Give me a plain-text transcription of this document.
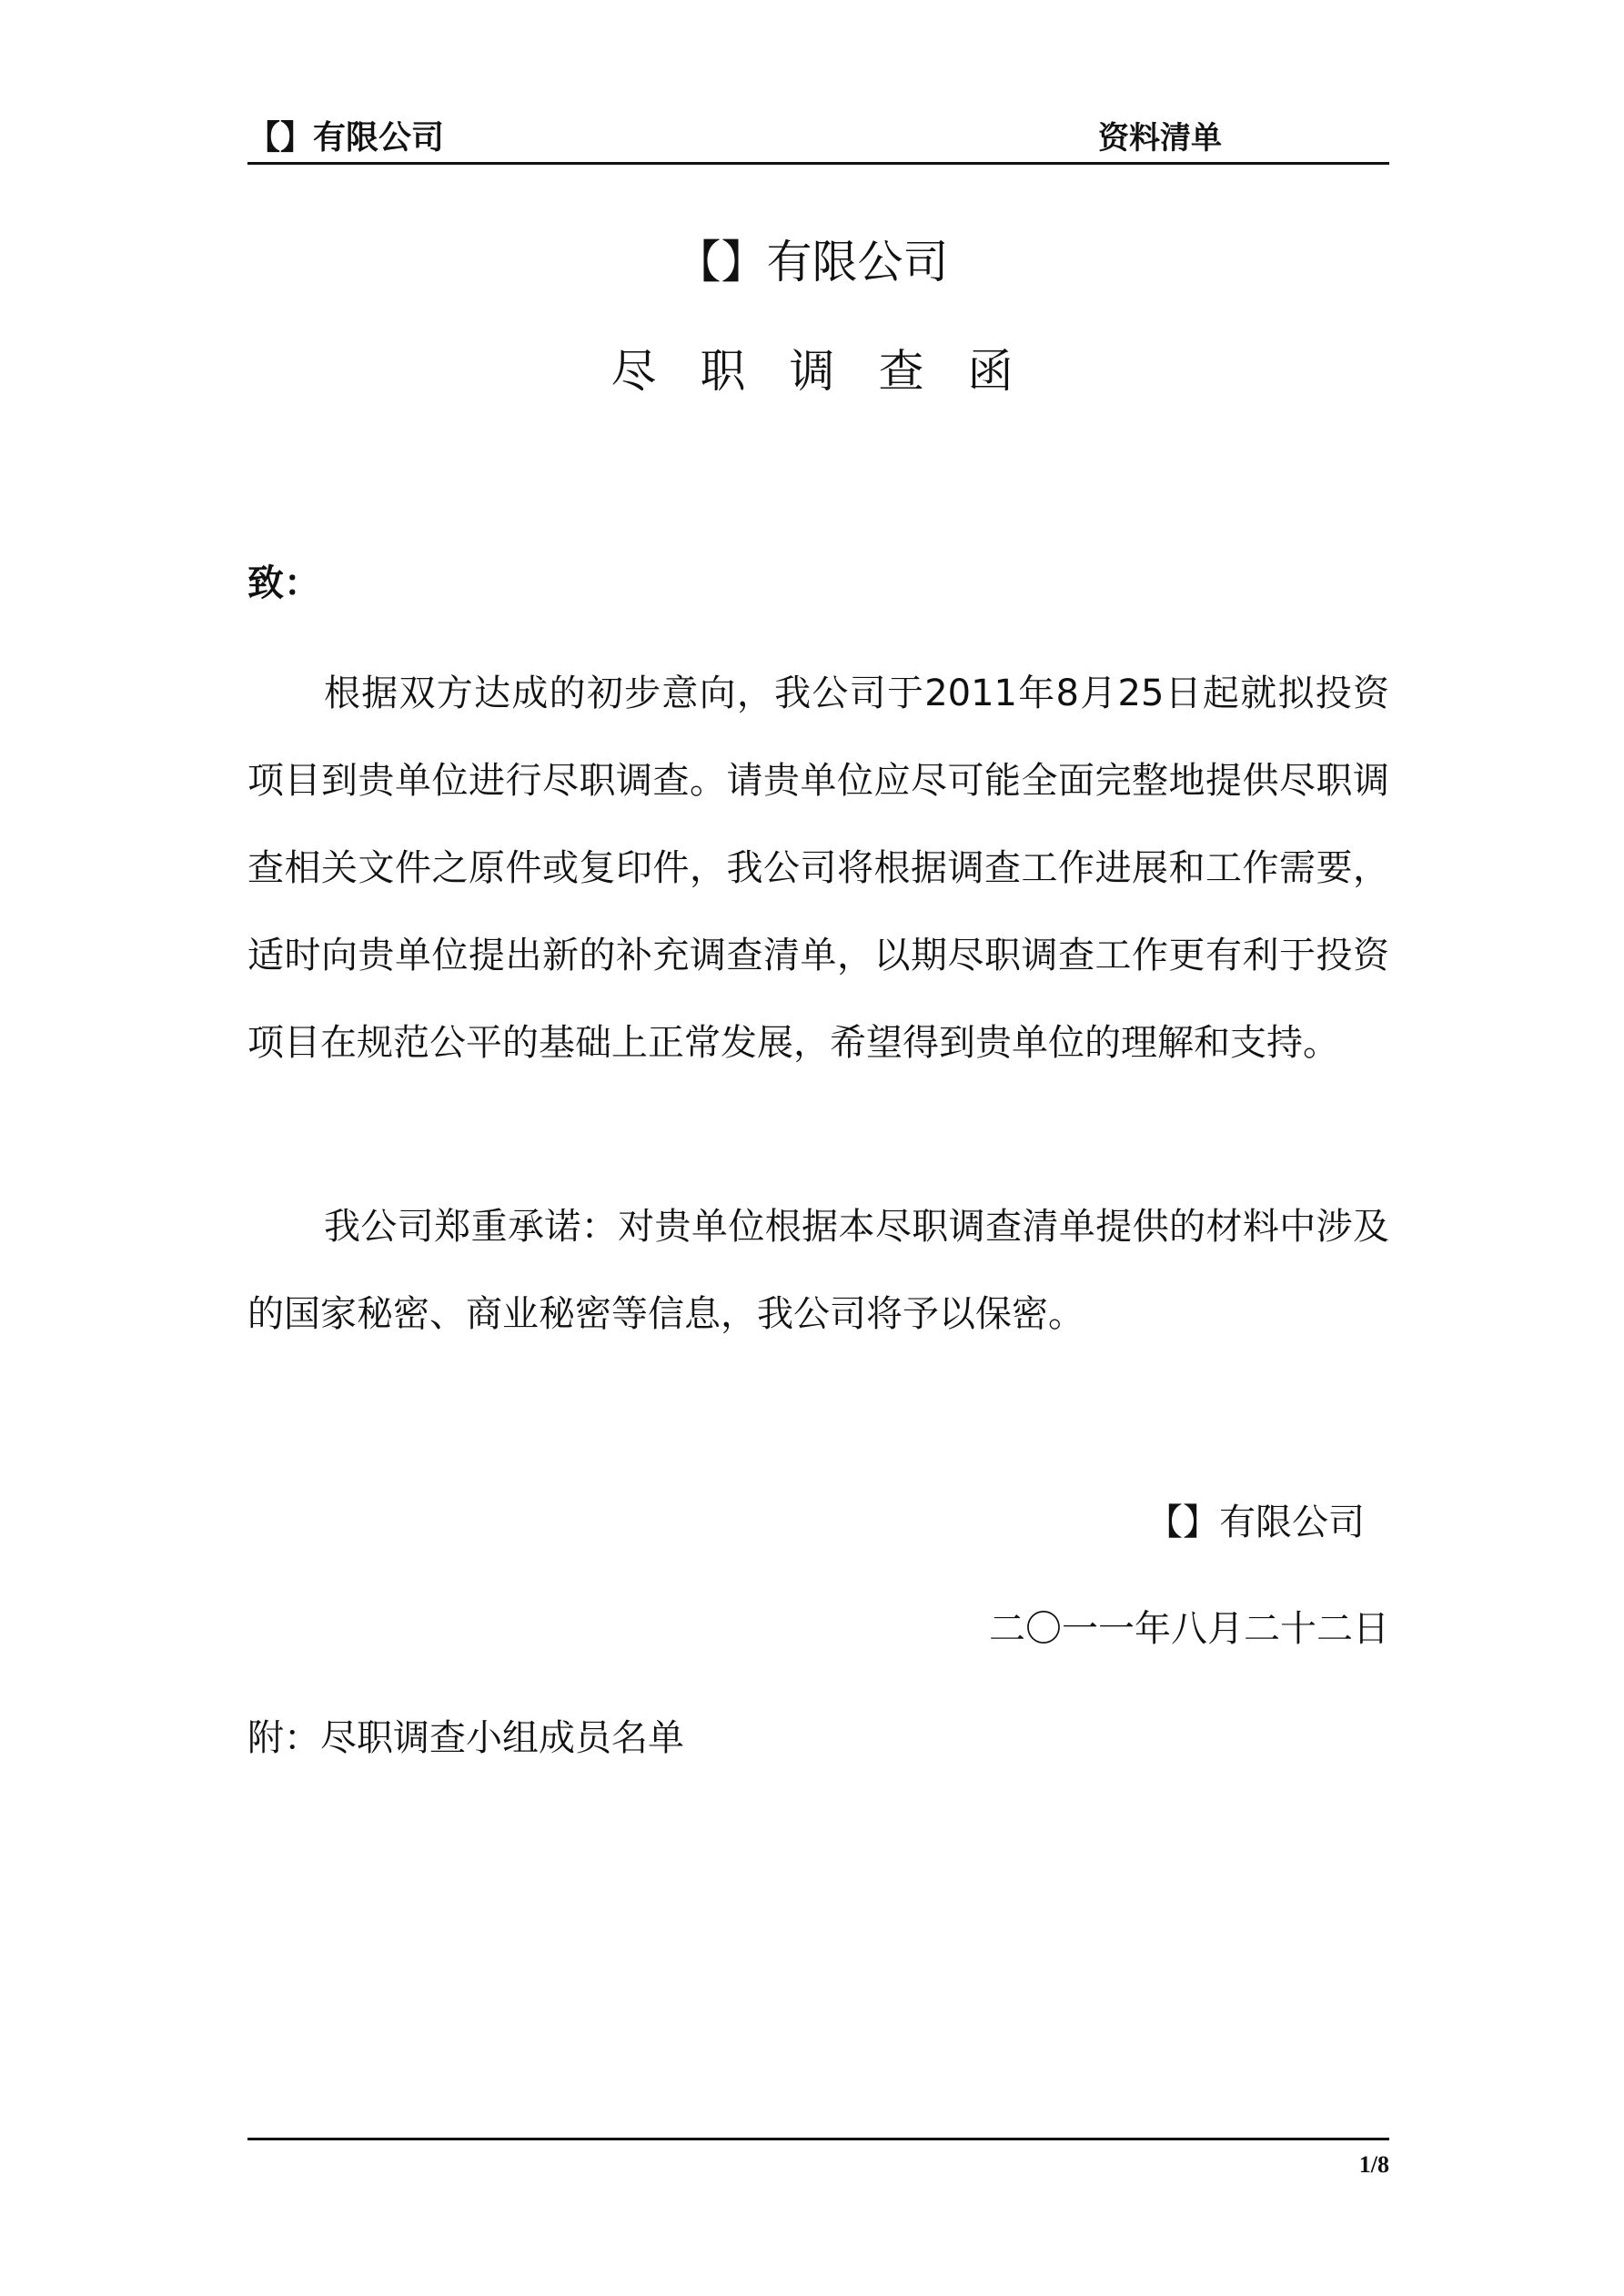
【】有限公司	资料清单
【】有限公司
尽职调查函
致：

根据双方达成的初步意向，我公司于2011年8月25日起就拟投资项目到贵单位进行尽职调查。请贵单位应尽可能全面完整地提供尽职调查相关文件之原件或复印件，我公司将根据调查工作进展和工作需要，适时向贵单位提出新的补充调查清单，以期尽职调查工作更有利于投资项目在规范公平的基础上正常发展，希望得到贵单位的理解和支持。

我公司郑重承诺：对贵单位根据本尽职调查清单提供的材料中涉及的国家秘密、商业秘密等信息，我公司将予以保密。

【】有限公司
二〇一一年八月二十二日
附：尽职调查小组成员名单
1/8
